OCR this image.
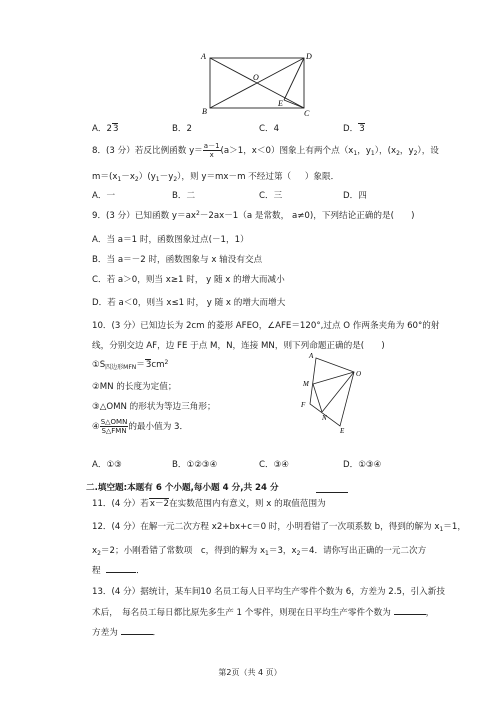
A	D
B	C
E
O
A．23	B．2	C．4	D．3
8．(3 分）若反比例函数 $y= \frac{a-1}{x} (a>1$，x＜0）图象上有两个点（$x_1$，$y_1$），($x_2$，$y_2$），设
$m=(x_1-x_2)(y_1-y_2)$，则 y＝mx－m 不经过第（ ）象限．
A．一	B．二	C．三	D．四
9．(3 分）已知函数 $y=ax^2-2ax-1(a$ 是常数， a≠0)，下列结论正确的是(　　)
A．当 a＝1 时，函数图象过点(－1，1）
B．当 a＝－2 时，函数图象与 x 轴没有交点
C．若 a＞0，则当 x≥1 时， y 随 x 的增大而减小
D．若 a＜0，则当 x≤1 时， y 随 x 的增大而增大
10．(3 分）已知边长为 2cm 的菱形 AFEO，∠AFE＝120°,过点 O 作两条夹角为 60°的射
线，分别交边 AF，边 FE 于点 M，N，连接 MN，则下列命题正确的是(　　)
$①S_{四边形MFN}=3cm^2$
②MN 的长度为定值；
③△OMN 的形状为等边三角形；
④ $\frac{\text{S△OMN}}{\text{S△FMN}}$ 的最小值为 3．
A
M
O
F
N
E
A．①③	B．①②③④	C．③④	D．①③④
二.填空题:本题有 6 个小题,每小题 4 分,共 24 分
11．(4 分）若x－2在实数范围内有意义，则 x 的取值范围为
12．(4 分）在解一元二次方程 x2+bx+c＝0 时，小明看错了一次项系数 b，得到的解为 $x_1=1$，
$x_2=2$；小刚看错了常数项　c，得到的解为 $x_1=3$，$x_2=4$．请你写出正确的一元二次方
程	．
13．(4 分）据统计，某车间10 名员工每人日平均生产零件个数为 6，方差为 2.5，引入新技
术后，　每名员工每日都比原先多生产 1 个零件，则现在日平均生产零件个数为	，
方差为	．
第2页（共 4 页）
